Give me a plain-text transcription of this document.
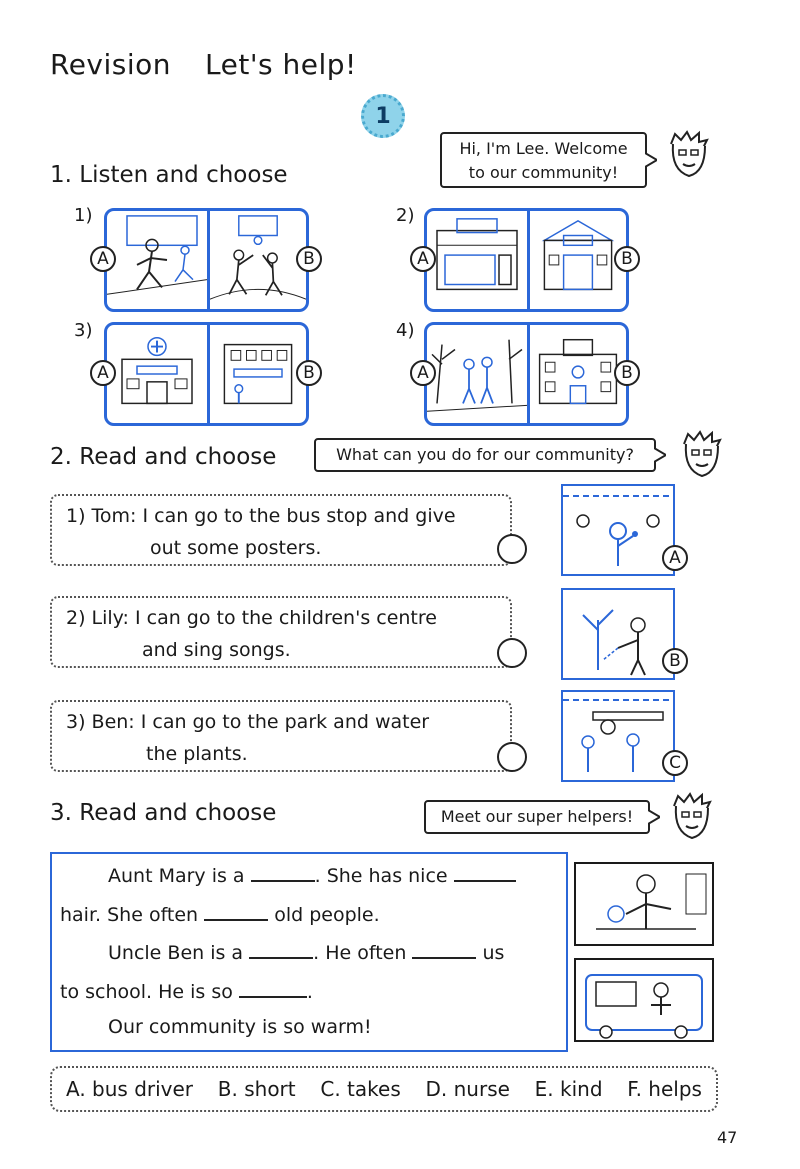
Revision Let's help!
1
Hi, I'm Lee. Welcome
to our community!
1. Listen and choose
1)
A	B
2)
A	B
3)
A	B
4)
A	B
2. Read and choose	What can you do for our community?
1) Tom: I can go to the bus stop and give
out some posters.	A
2) Lily: I can go to the children's centre
and sing songs.	B
3) Ben: I can go to the park and water
the plants.	C
3. Read and choose	Meet our super helpers!
Aunt Mary is a	. She has nice
hair. She often	old people.
Uncle Ben is a	. He often	us
to school. He is so	.
Our community is so warm!
A. bus driver B. short C. takes D. nurse E. kind F. helps
47
